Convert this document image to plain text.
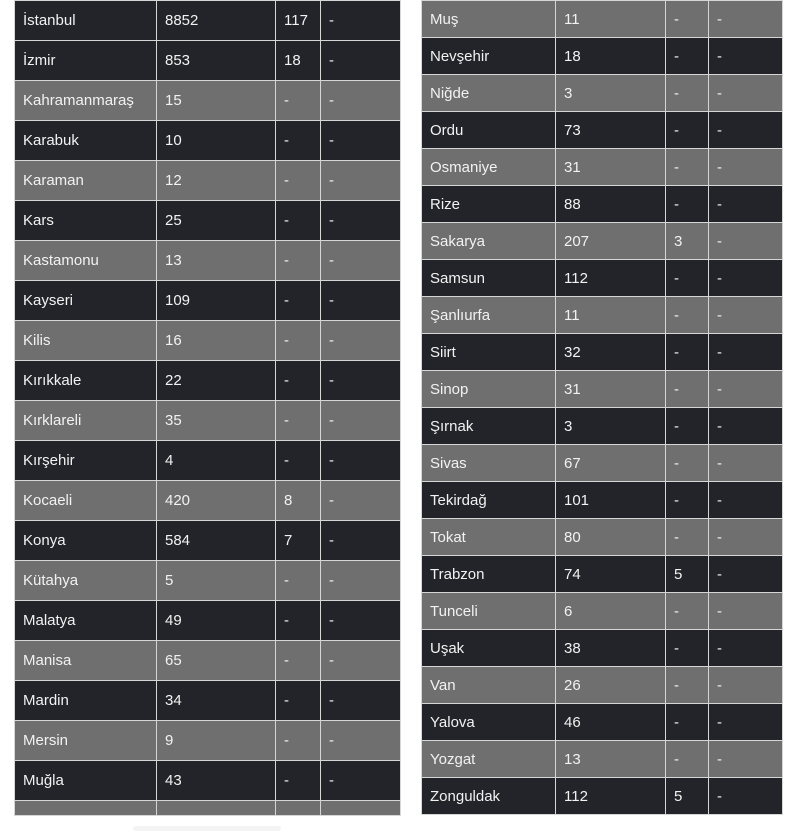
İstanbul	8852	117	-
İzmir	853	18	-
Kahramanmaraş	15	-	-
Karabuk	10	-	-
Karaman	12	-	-
Kars	25	-	-
Kastamonu	13	-	-
Kayseri	109	-	-
Kilis	16	-	-
Kırıkkale	22	-	-
Kırklareli	35	-	-
Kırşehir	4	-	-
Kocaeli	420	8	-
Konya	584	7	-
Kütahya	5	-	-
Malatya	49	-	-
Manisa	65	-	-
Mardin	34	-	-
Mersin	9	-	-
Muğla	43	-	-

Muş	11	-	-
Nevşehir	18	-	-
Niğde	3	-	-
Ordu	73	-	-
Osmaniye	31	-	-
Rize	88	-	-
Sakarya	207	3	-
Samsun	112	-	-
Şanlıurfa	11	-	-
Siirt	32	-	-
Sinop	31	-	-
Şırnak	3	-	-
Sivas	67	-	-
Tekirdağ	101	-	-
Tokat	80	-	-
Trabzon	74	5	-
Tunceli	6	-	-
Uşak	38	-	-
Van	26	-	-
Yalova	46	-	-
Yozgat	13	-	-
Zonguldak	112	5	-
